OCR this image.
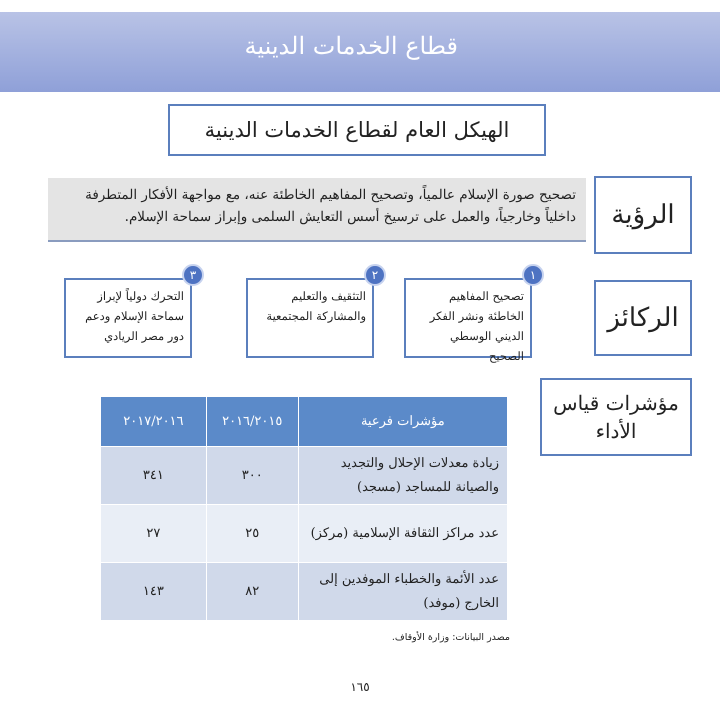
قطاع الخدمات الدينية
الهيكل العام لقطاع الخدمات الدينية
الرؤية
تصحيح صورة الإسلام عالمياً، وتصحيح المفاهيم الخاطئة عنه، مع مواجهة الأفكار المتطرفة داخلياً وخارجياً، والعمل على ترسيخ أسس التعايش السلمى وإبراز سماحة الإسلام.
الركائز
١
تصحيح المفاهيم الخاطئة ونشر الفكر الديني الوسطي الصحيح
٢
التثقيف والتعليم والمشاركة المجتمعية
٣
التحرك دولياً لإبراز سماحة الإسلام ودعم دور مصر الريادي
مؤشرات قياس الأداء
مؤشرات فرعية	٢٠١٦/٢٠١٥	٢٠١٧/٢٠١٦
زيادة معدلات الإحلال والتجديد والصيانة للمساجد (مسجد)	٣٠٠	٣٤١
عدد مراكز الثقافة الإسلامية (مركز)	٢٥	٢٧
عدد الأئمة والخطباء الموفدين إلى الخارج (موفد)	٨٢	١٤٣
مصدر البيانات: وزارة الأوقاف.
١٦٥
